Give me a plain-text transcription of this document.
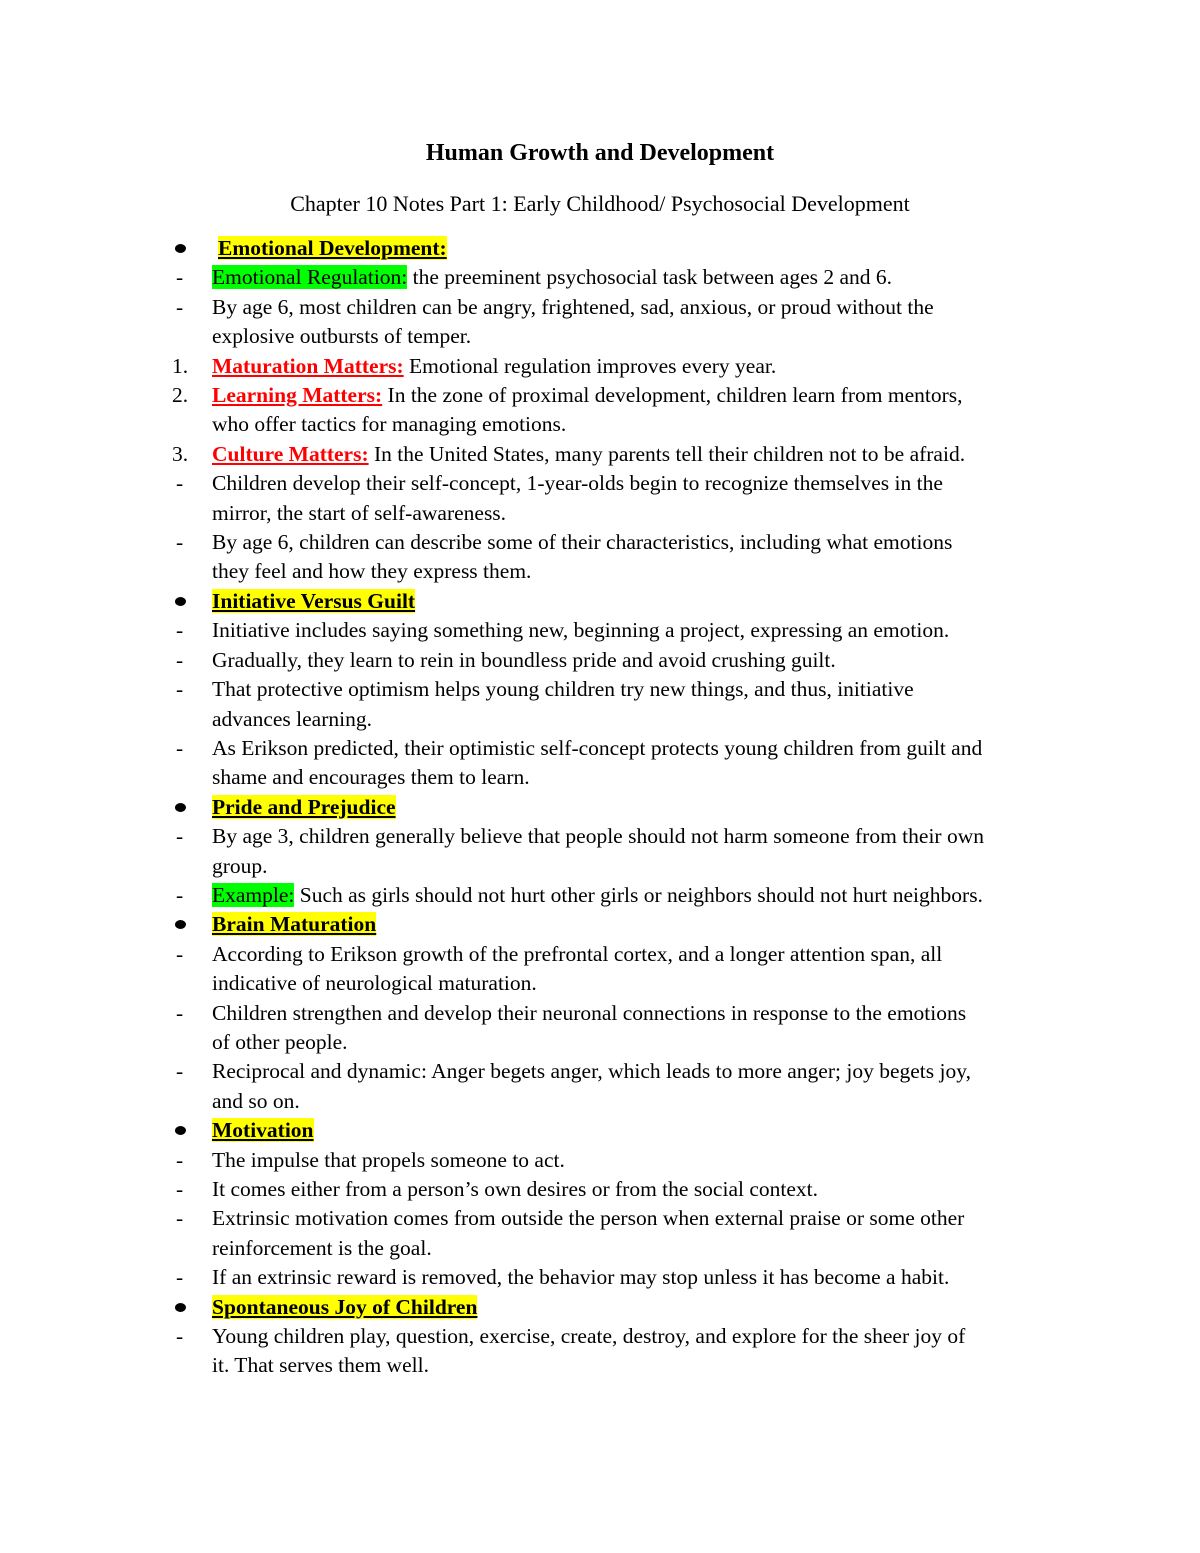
Human Growth and Development

Chapter 10 Notes Part 1: Early Childhood/ Psychosocial Development

Emotional Development:
- Emotional Regulation: the preeminent psychosocial task between ages 2 and 6.
- By age 6, most children can be angry, frightened, sad, anxious, or proud without the
explosive outbursts of temper.
1. Maturation Matters: Emotional regulation improves every year.
2. Learning Matters: In the zone of proximal development, children learn from mentors,
who offer tactics for managing emotions.
3. Culture Matters: In the United States, many parents tell their children not to be afraid.
- Children develop their self-concept, 1-year-olds begin to recognize themselves in the
mirror, the start of self-awareness.
- By age 6, children can describe some of their characteristics, including what emotions
they feel and how they express them.
Initiative Versus Guilt
- Initiative includes saying something new, beginning a project, expressing an emotion.
- Gradually, they learn to rein in boundless pride and avoid crushing guilt.
- That protective optimism helps young children try new things, and thus, initiative
advances learning.
- As Erikson predicted, their optimistic self-concept protects young children from guilt and
shame and encourages them to learn.
Pride and Prejudice
- By age 3, children generally believe that people should not harm someone from their own
group.
- Example: Such as girls should not hurt other girls or neighbors should not hurt neighbors.
Brain Maturation
- According to Erikson growth of the prefrontal cortex, and a longer attention span, all
indicative of neurological maturation.
- Children strengthen and develop their neuronal connections in response to the emotions
of other people.
- Reciprocal and dynamic: Anger begets anger, which leads to more anger; joy begets joy,
and so on.
Motivation
- The impulse that propels someone to act.
- It comes either from a person’s own desires or from the social context.
- Extrinsic motivation comes from outside the person when external praise or some other
reinforcement is the goal.
- If an extrinsic reward is removed, the behavior may stop unless it has become a habit.
Spontaneous Joy of Children
- Young children play, question, exercise, create, destroy, and explore for the sheer joy of
it. That serves them well.
